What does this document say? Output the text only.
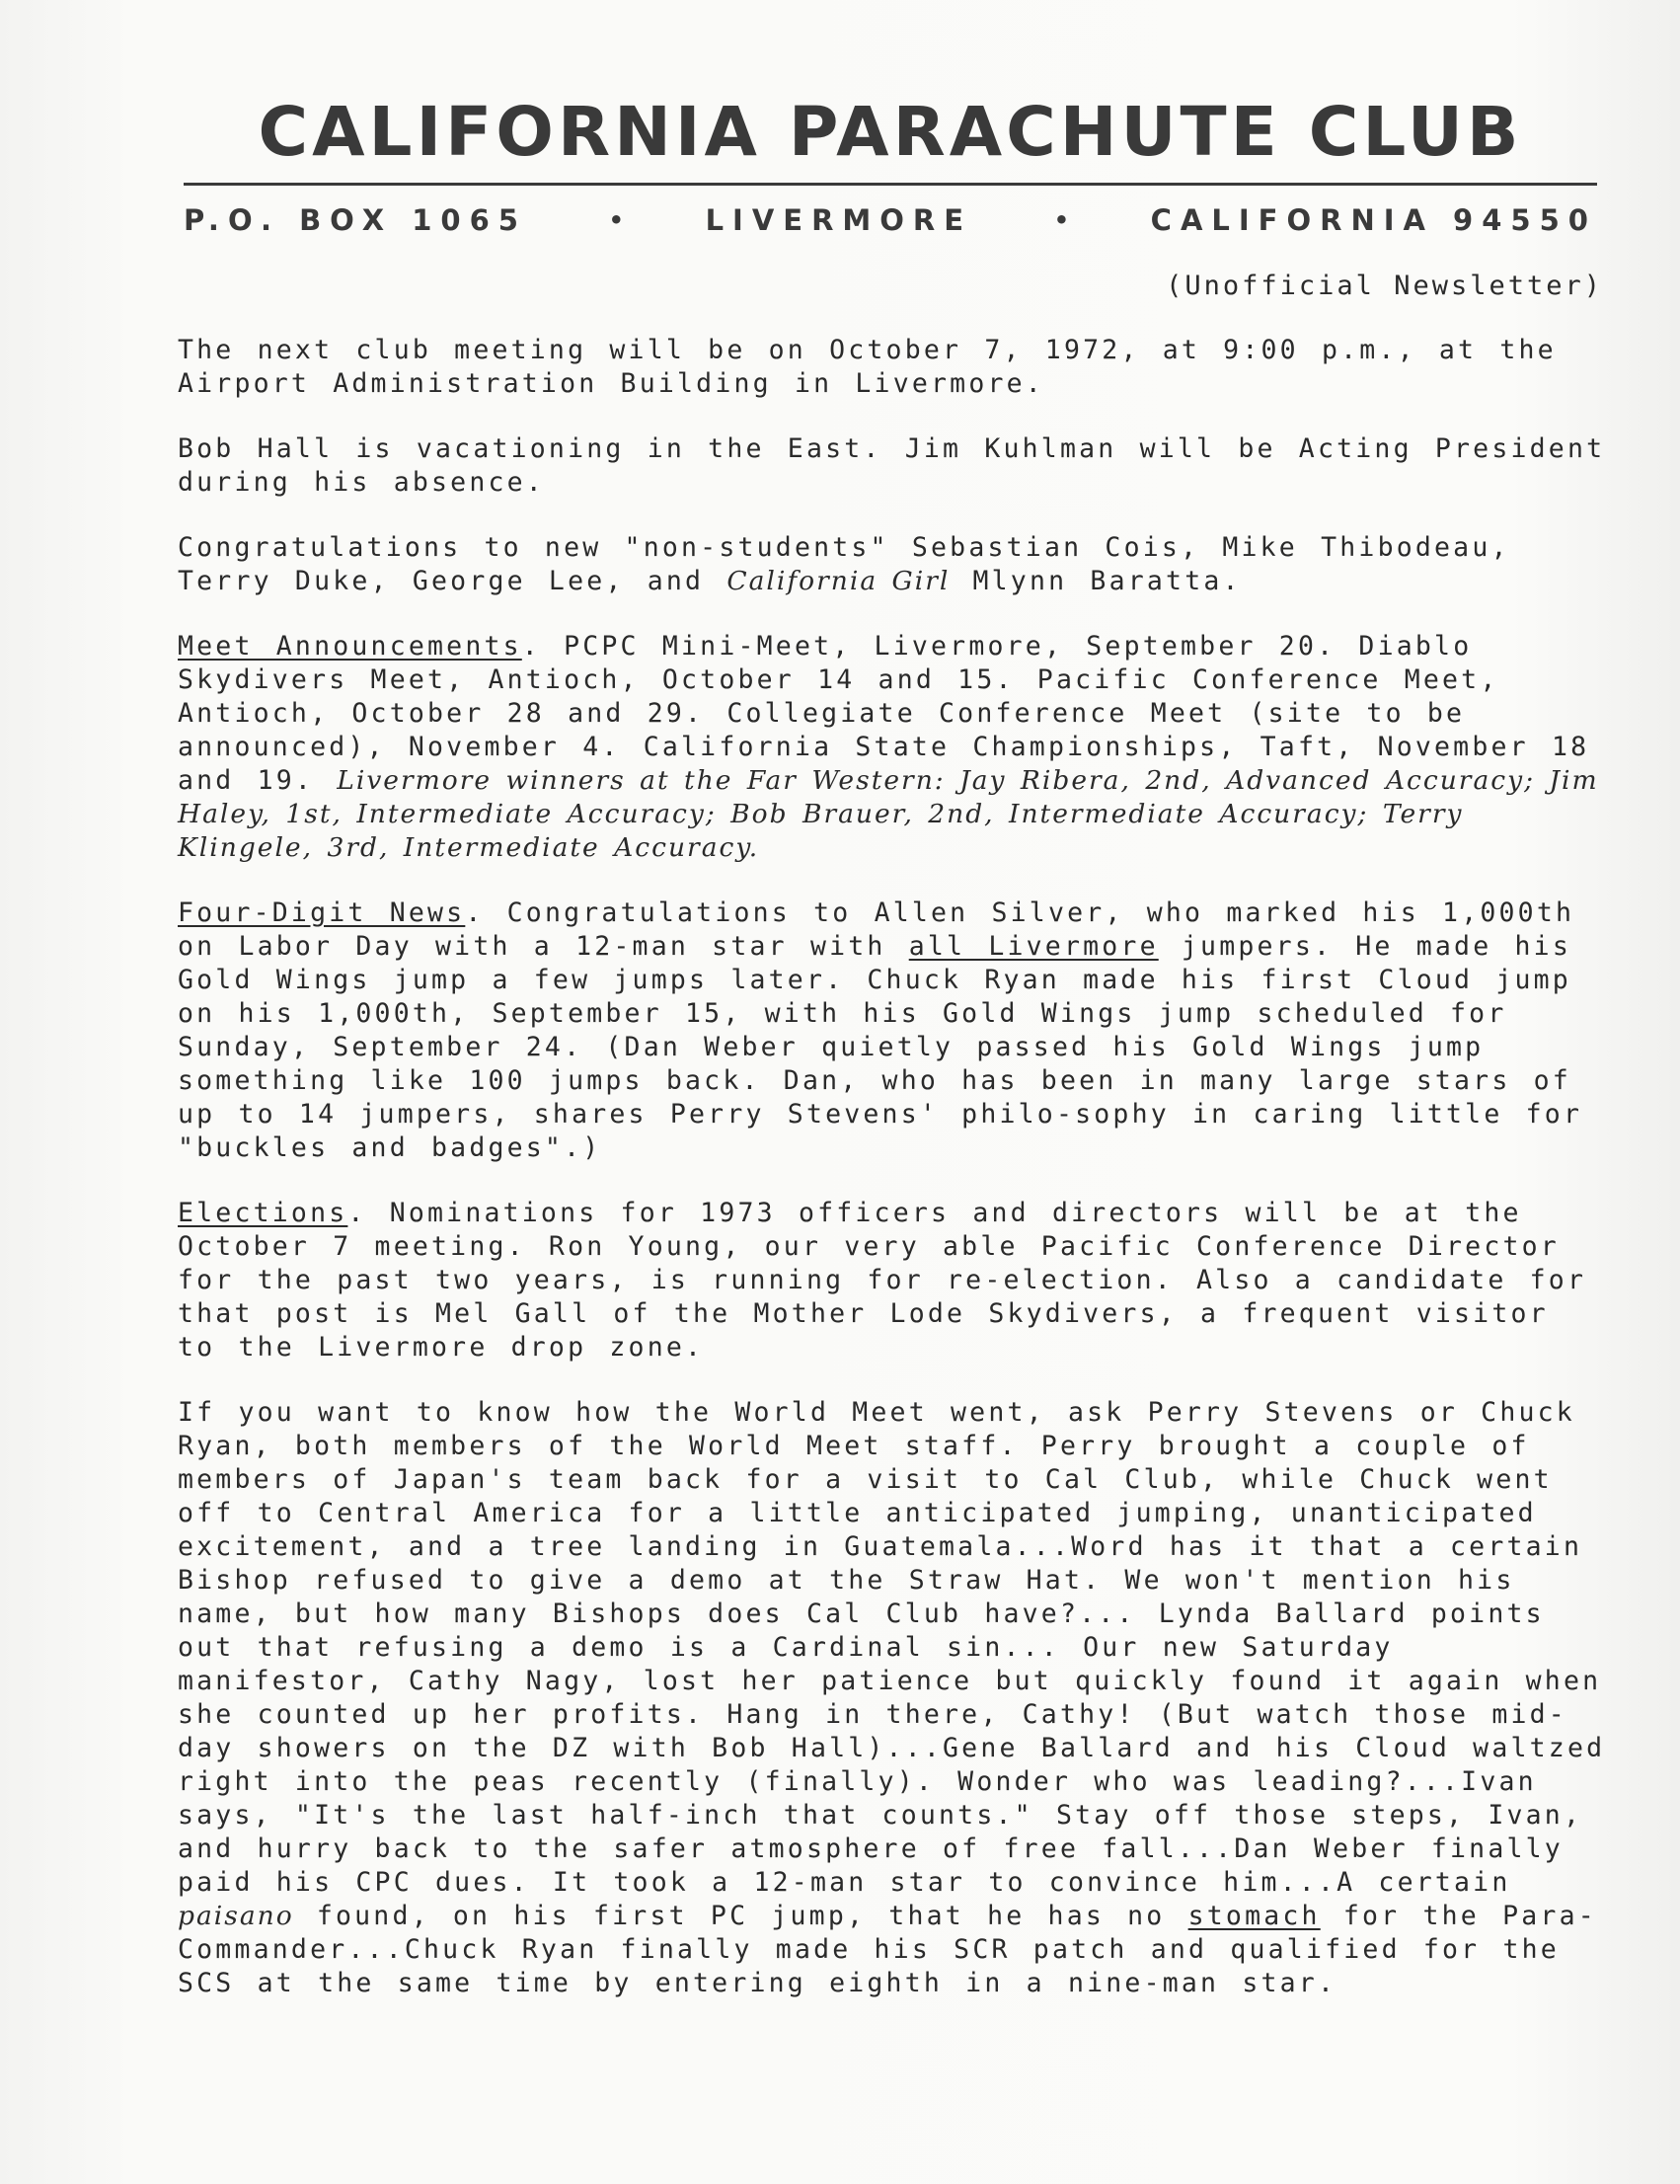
CALIFORNIA PARACHUTE CLUB
P.O. BOX 1065	•	LIVERMORE	•	CALIFORNIA 94550
(Unofficial Newsletter)

The next club meeting will be on October 7, 1972, at 9:00 p.m., at the Airport Administration Building in Livermore.

Bob Hall is vacationing in the East. Jim Kuhlman will be Acting President during his absence.

Congratulations to new "non-students" Sebastian Cois, Mike Thibodeau, Terry Duke, George Lee, and California Girl Mlynn Baratta.

Meet Announcements. PCPC Mini-Meet, Livermore, September 20. Diablo Skydivers Meet, Antioch, October 14 and 15. Pacific Conference Meet, Antioch, October 28 and 29. Collegiate Conference Meet (site to be announced), November 4. California State Championships, Taft, November 18 and 19. Livermore winners at the Far Western: Jay Ribera, 2nd, Advanced Accuracy; Jim Haley, 1st, Intermediate Accuracy; Bob Brauer, 2nd, Intermediate Accuracy; Terry Klingele, 3rd, Intermediate Accuracy.

Four-Digit News. Congratulations to Allen Silver, who marked his 1,000th on Labor Day with a 12-man star with all Livermore jumpers. He made his Gold Wings jump a few jumps later. Chuck Ryan made his first Cloud jump on his 1,000th, September 15, with his Gold Wings jump scheduled for Sunday, September 24. (Dan Weber quietly passed his Gold Wings jump something like 100 jumps back. Dan, who has been in many large stars of up to 14 jumpers, shares Perry Stevens' philo-sophy in caring little for "buckles and badges".)

Elections. Nominations for 1973 officers and directors will be at the October 7 meeting. Ron Young, our very able Pacific Conference Director for the past two years, is running for re-election. Also a candidate for that post is Mel Gall of the Mother Lode Skydivers, a frequent visitor to the Livermore drop zone.

If you want to know how the World Meet went, ask Perry Stevens or Chuck Ryan, both members of the World Meet staff. Perry brought a couple of members of Japan's team back for a visit to Cal Club, while Chuck went off to Central America for a little anticipated jumping, unanticipated excitement, and a tree landing in Guatemala...Word has it that a certain Bishop refused to give a demo at the Straw Hat. We won't mention his name, but how many Bishops does Cal Club have?... Lynda Ballard points out that refusing a demo is a Cardinal sin... Our new Saturday manifestor, Cathy Nagy, lost her patience but quickly found it again when she counted up her profits. Hang in there, Cathy! (But watch those mid-day showers on the DZ with Bob Hall)...Gene Ballard and his Cloud waltzed right into the peas recently (finally). Wonder who was leading?...Ivan says, "It's the last half-inch that counts." Stay off those steps, Ivan, and hurry back to the safer atmosphere of free fall...Dan Weber finally paid his CPC dues. It took a 12-man star to convince him...A certain paisano found, on his first PC jump, that he has no stomach for the Para-Commander...Chuck Ryan finally made his SCR patch and qualified for the SCS at the same time by entering eighth in a nine-man star.
